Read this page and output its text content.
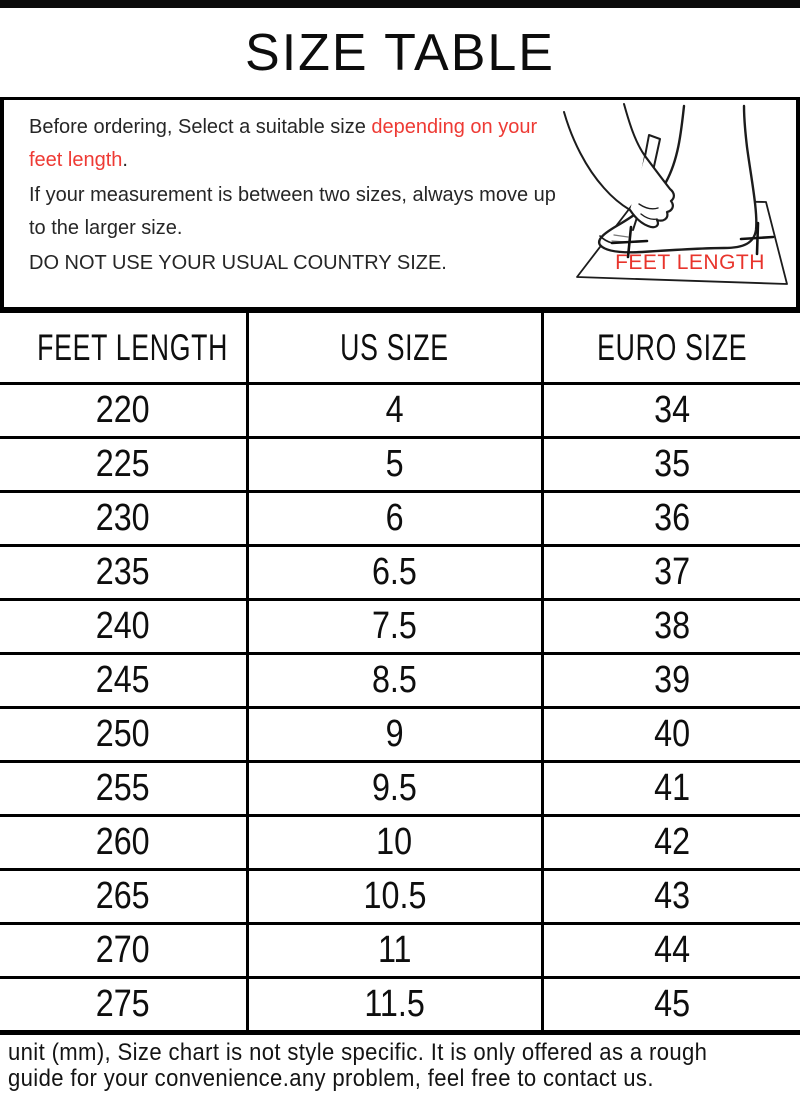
SIZE TABLE
Before ordering, Select a suitable size depending on your
feet length.
If your measurement is between two sizes, always move up
to the larger size.
DO NOT USE YOUR USUAL COUNTRY SIZE.	FEET LENGTH
FEET LENGTH	US SIZE	EURO SIZE
220	4	34
225	5	35
230	6	36
235	6.5	37
240	7.5	38
245	8.5	39
250	9	40
255	9.5	41
260	10	42
265	10.5	43
270	11	44
275	11.5	45
unit (mm), Size chart is not style specific. It is only offered as a rough
guide for your convenience.any problem, feel free to contact us.
